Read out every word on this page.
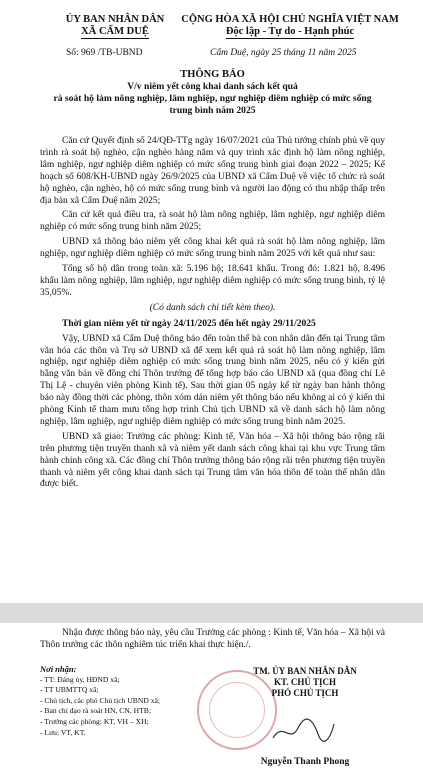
ỦY BAN NHÂN DÂN
XÃ CẨM DUỆ
CỘNG HÒA XÃ HỘI CHỦ NGHĨA VIỆT NAM
Độc lập - Tự do - Hạnh phúc
Số: 969 /TB-UBND	Cẩm Duệ, ngày 25 tháng 11 năm 2025
THÔNG BÁO
V/v niêm yết công khai danh sách kết quả
rà soát hộ làm nông nghiệp, lâm nghiệp, ngư nghiệp diêm nghiệp có mức sống
trung bình năm 2025

Căn cứ Quyết định số 24/QĐ-TTg ngày 16/07/2021 của Thủ tướng chính phủ về quy trình rà soát hộ nghèo, cận nghèo hàng năm và quy trình xác định hộ làm nông nghiệp, lâm nghiệp, ngư nghiệp diêm nghiệp có mức sống trung bình giai đoạn 2022 – 2025; Kế hoạch số 608/KH-UBND ngày 26/9/2025 của UBND xã Cẩm Duệ về việc tổ chức rà soát hộ nghèo, cận nghèo, hộ có mức sống trung bình và người lao động có thu nhập thấp trên địa bàn xã Cẩm Duệ năm 2025;

Căn cứ kết quả điều tra, rà soát hộ làm nông nghiệp, lâm nghiệp, ngư nghiệp diêm nghiệp có mức sống trung bình năm 2025;

UBND xã thông báo niêm yết công khai kết quả rà soát hộ làm nông nghiệp, lâm nghiệp, ngư nghiệp diêm nghiệp có mức sống trung bình năm 2025 với kết quả như sau:

Tổng số hộ dân trong toàn xã: 5.196 hộ; 18.641 khẩu. Trong đó: 1.821 hộ, 8.496 khẩu làm nông nghiệp, lâm nghiệp, ngư nghiệp diêm nghiệp có mức sống trung bình, tỷ lệ 35,05%.

(Có danh sách chi tiết kèm theo).

Thời gian niêm yết từ ngày 24/11/2025 đến hết ngày 29/11/2025

Vậy, UBND xã Cẩm Duệ thông báo đến toàn thể bà con nhân dân đến tại Trung tâm văn hóa các thôn và Trụ sở UBND xã để xem kết quả rà soát hộ làm nông nghiệp, lâm nghiệp, ngư nghiệp diêm nghiệp có mức sống trung bình năm 2025, nếu có ý kiến gửi bằng văn bản về đồng chí Thôn trưởng để tổng hợp báo cáo UBND xã (qua đồng chí Lê Thị Lệ - chuyên viên phòng Kinh tế). Sau thời gian 05 ngày kể từ ngày ban hành thông báo này đồng thời các phòng, thôn xóm dán niêm yết thông báo nếu không ai có ý kiến thì phòng Kinh tế tham mưu tổng hợp trình Chủ tịch UBND xã về danh sách hộ làm nông nghiệp, lâm nghiệp, ngư nghiệp diêm nghiệp có mức sống trung bình năm 2025.

UBND xã giao: Trưởng các phòng: Kinh tế, Văn hóa – Xã hội thông báo rộng rãi trên phương tiện truyền thanh xã và niêm yết danh sách công khai tại khu vực Trung tâm hành chính công xã. Các đồng chí Thôn trưởng thông báo rộng rãi trên phương tiện truyền thanh và niêm yết công khai danh sách tại Trung tâm văn hóa thôn để toàn thể nhân dân được biết.

Nhận được thông báo này, yêu cầu Trưởng các phòng : Kinh tế, Văn hóa – Xã hội và Thôn trưởng các thôn nghiêm túc triển khai thực hiện./.

Nơi nhận:
- TT: Đảng ủy, HĐND xã;
- TT UBMTTQ xã;
- Chủ tịch, các phó Chủ tịch UBND xã;
- Ban chỉ đạo rà soát HN, CN, HTB;
- Trưởng các phòng: KT, VH – XH;
- Lưu: VT, KT.
TM. ỦY BAN NHÂN DÂN
KT. CHỦ TỊCH
PHÓ CHỦ TỊCH
Nguyễn Thanh Phong
